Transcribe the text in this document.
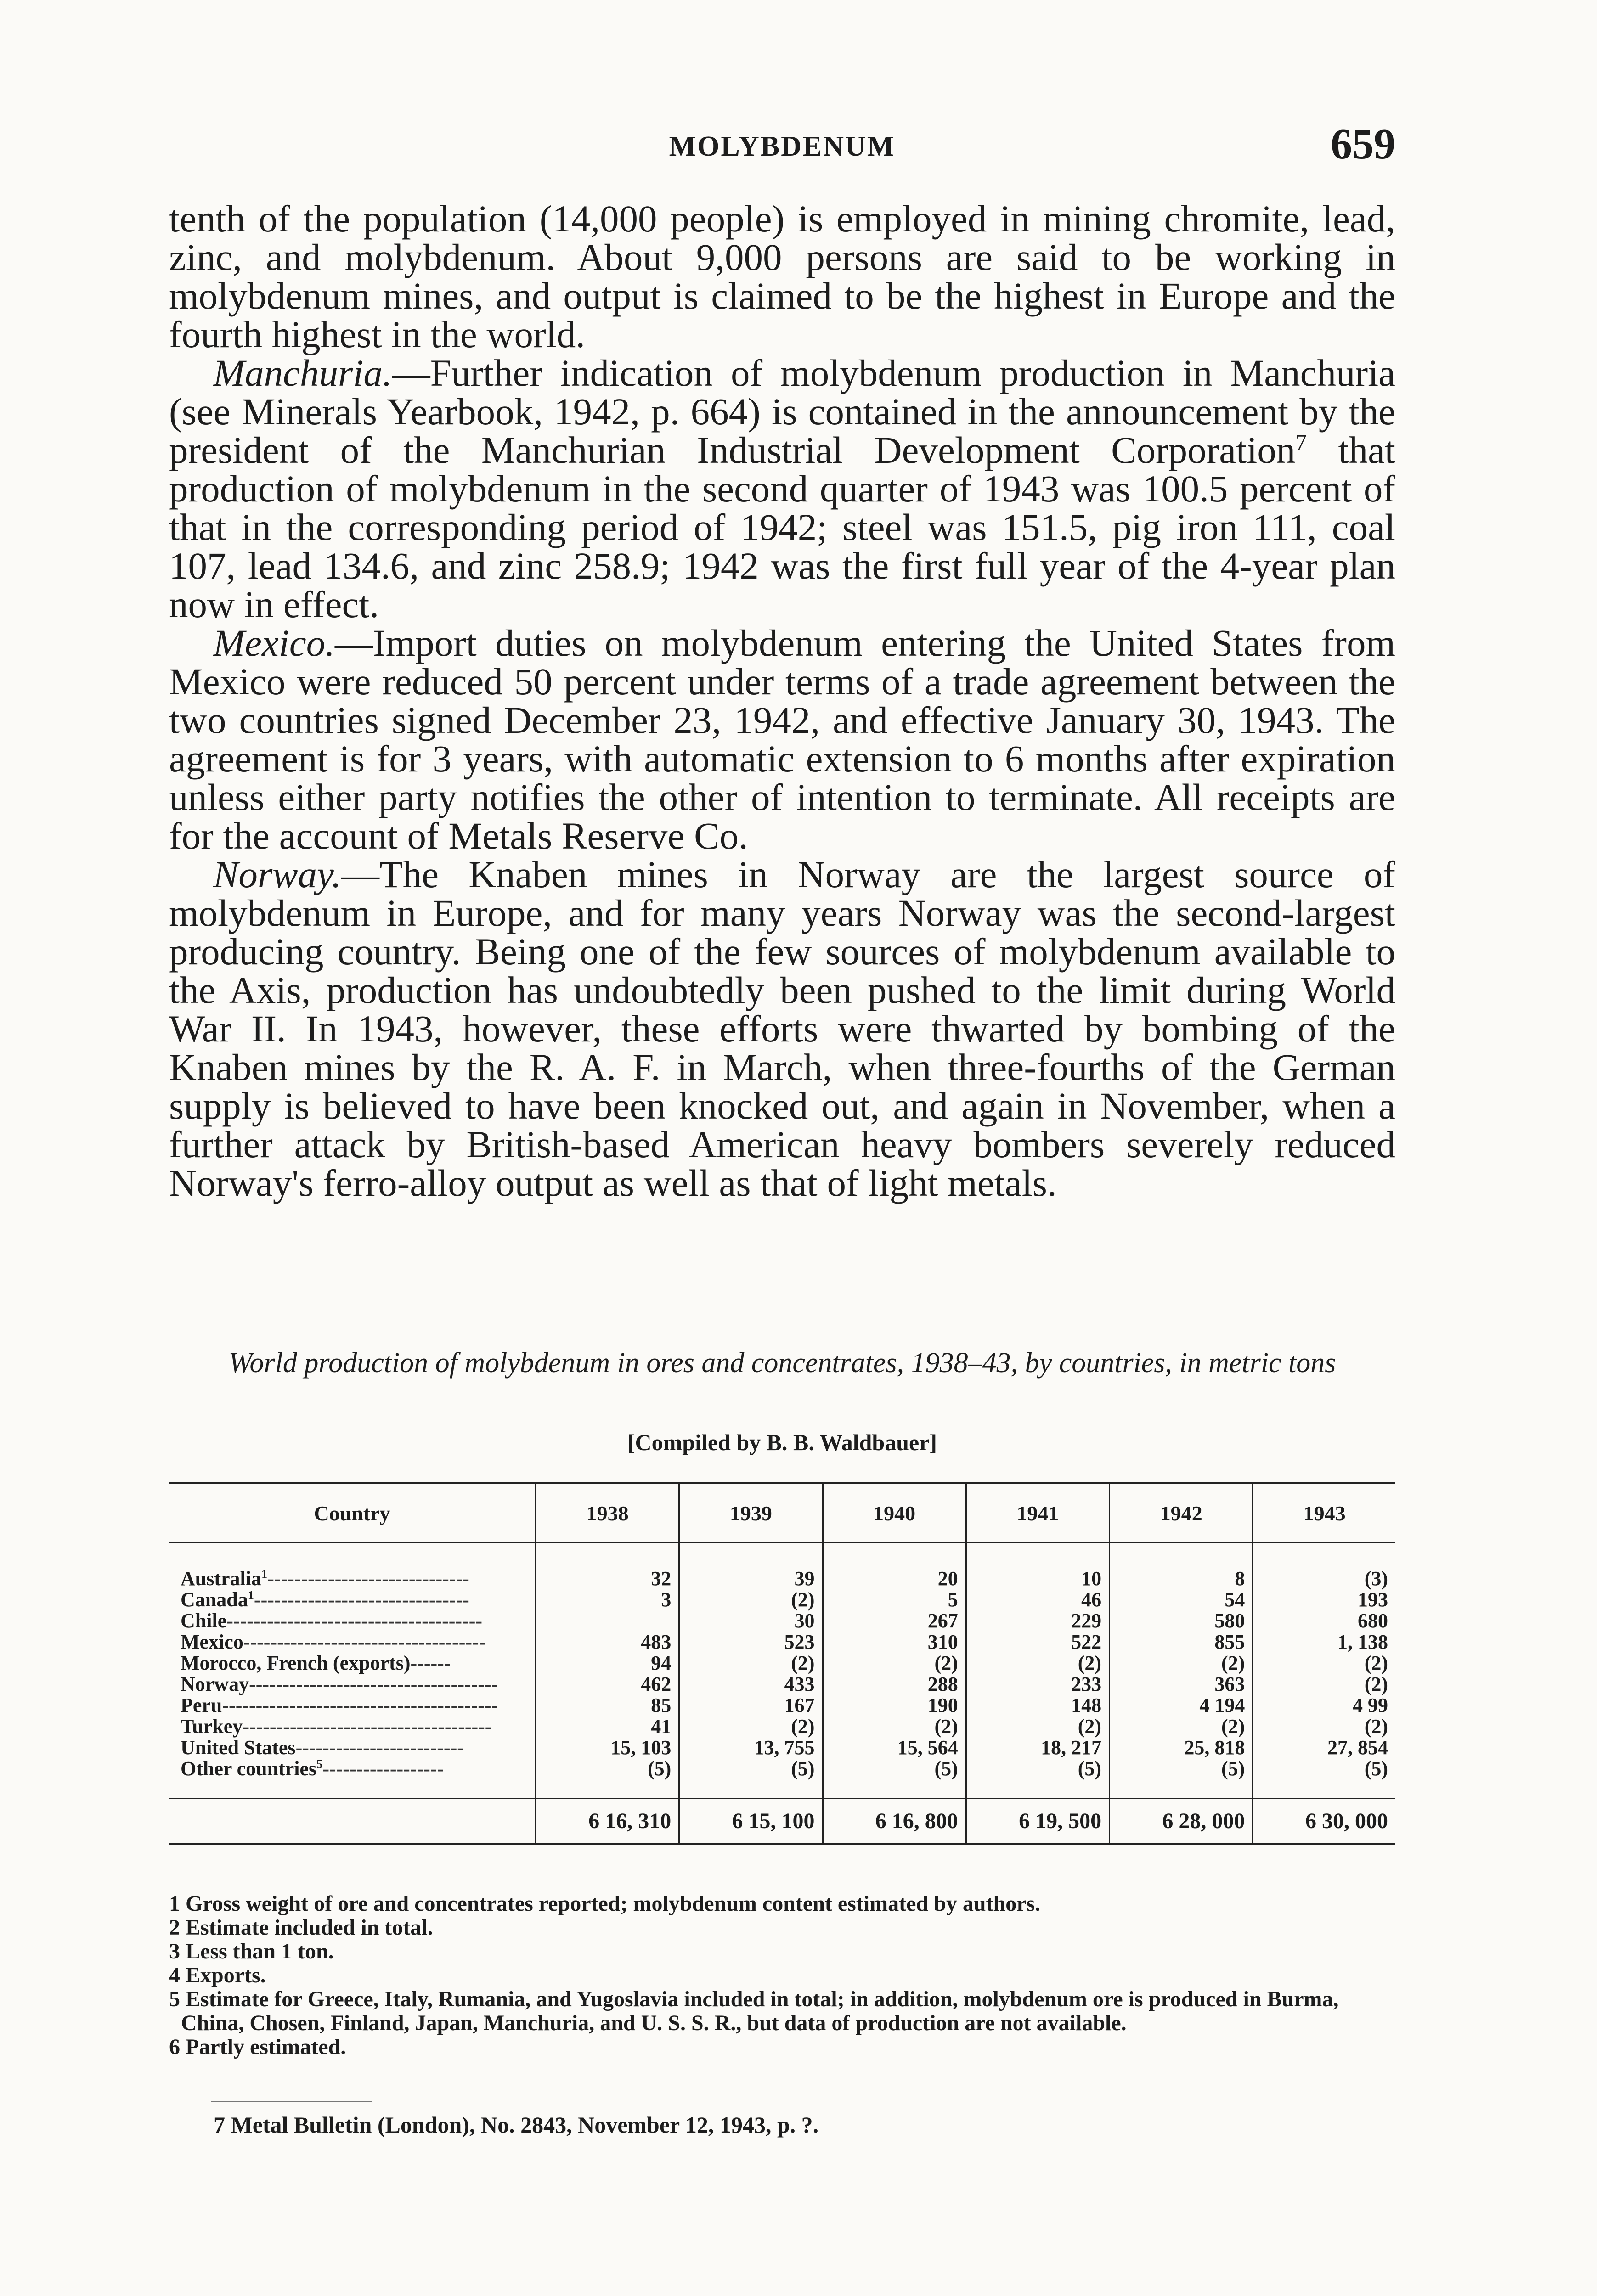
MOLYBDENUM	659

tenth of the population (14,000 people) is employed in mining chromite, lead, zinc, and molybdenum. About 9,000 persons are said to be working in molybdenum mines, and output is claimed to be the highest in Europe and the fourth highest in the world.

Manchuria.—Further indication of molybdenum production in Manchuria (see Minerals Yearbook, 1942, p. 664) is contained in the announcement by the president of the Manchurian Industrial Development Corporation$^7$ that production of molybdenum in the second quarter of 1943 was 100.5 percent of that in the corresponding period of 1942; steel was 151.5, pig iron 111, coal 107, lead 134.6, and zinc 258.9; 1942 was the first full year of the 4-year plan now in effect.

Mexico.—Import duties on molybdenum entering the United States from Mexico were reduced 50 percent under terms of a trade agreement between the two countries signed December 23, 1942, and effective January 30, 1943. The agreement is for 3 years, with automatic extension to 6 months after expiration unless either party notifies the other of intention to terminate. All receipts are for the account of Metals Reserve Co.

Norway.—The Knaben mines in Norway are the largest source of molybdenum in Europe, and for many years Norway was the second-largest producing country. Being one of the few sources of molybdenum available to the Axis, production has undoubtedly been pushed to the limit during World War II. In 1943, however, these efforts were thwarted by bombing of the Knaben mines by the R. A. F. in March, when three-fourths of the German supply is believed to have been knocked out, and again in November, when a further attack by British-based American heavy bombers severely reduced Norway's ferro-alloy output as well as that of light metals.

World production of molybdenum in ores and concentrates, 1938–43, by countries, in metric tons
[Compiled by B. B. Waldbauer]
Country	1938	1939	1940	1941	1942	1943
Australia$^1$------------------------------	32	39	20	10	8	(3)
Canada$^1$--------------------------------	3	(2)	5	46	54	193
Chile--------------------------------------		30	267	229	580	680
Mexico------------------------------------	483	523	310	522	855	1, 138
Morocco, French (exports)------	94	(2)	(2)	(2)	(2)	(2)
Norway-------------------------------------	462	433	288	233	363	(2)
Peru-----------------------------------------	85	167	190	148	4 194	4 99
Turkey-------------------------------------	41	(2)	(2)	(2)	(2)	(2)
United States-------------------------	15, 103	13, 755	15, 564	18, 217	25, 818	27, 854
Other countries$^5$------------------	(5)	(5)	(5)	(5)	(5)	(5)
	6 16, 310	6 15, 100	6 16, 800	6 19, 500	6 28, 000	6 30, 000

1 Gross weight of ore and concentrates reported; molybdenum content estimated by authors.

2 Estimate included in total.

3 Less than 1 ton.

4 Exports.

5 Estimate for Greece, Italy, Rumania, and Yugoslavia included in total; in addition, molybdenum ore is produced in Burma, China, Chosen, Finland, Japan, Manchuria, and U. S. S. R., but data of production are not available.

6 Partly estimated.

7 Metal Bulletin (London), No. 2843, November 12, 1943, p. ?.
